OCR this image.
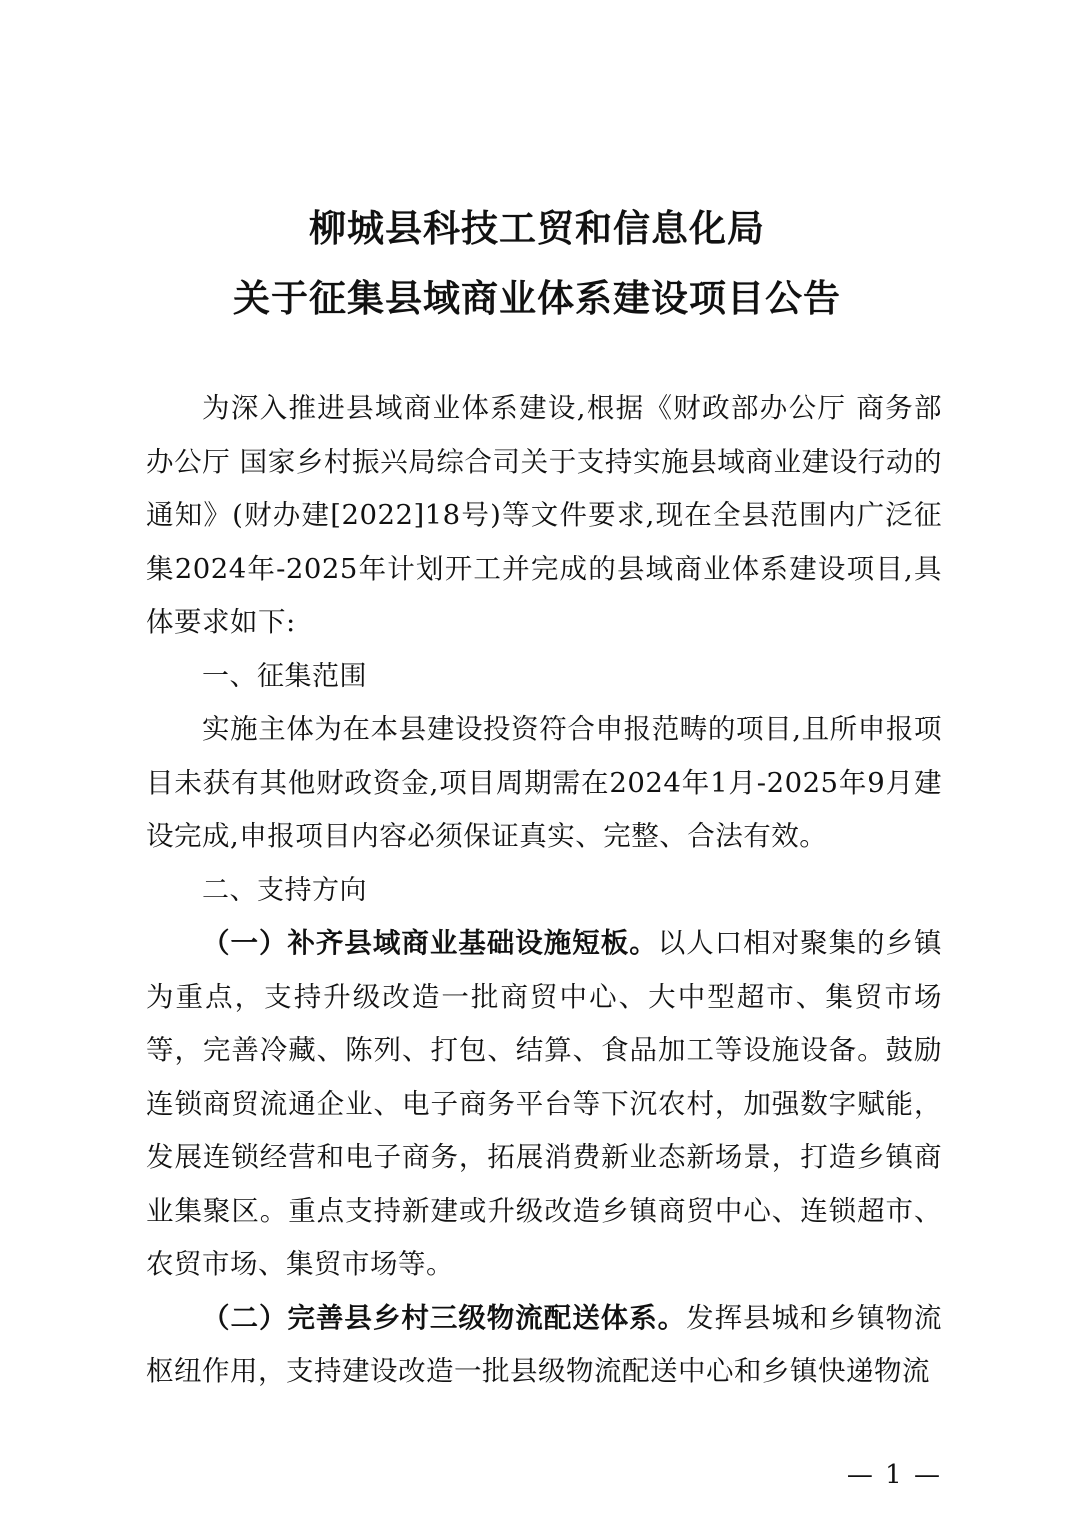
柳城县科技工贸和信息化局
关于征集县域商业体系建设项目公告

为深入推进县域商业体系建设,根据《财政部办公厅 商务部办公厅 国家乡村振兴局综合司关于支持实施县域商业建设行动的通知》(财办建[2022]18号)等文件要求,现在全县范围内广泛征集2024年-2025年计划开工并完成的县域商业体系建设项目,具体要求如下:

一、征集范围

实施主体为在本县建设投资符合申报范畴的项目,且所申报项目未获有其他财政资金,项目周期需在2024年1月-2025年9月建设完成,申报项目内容必须保证真实、完整、合法有效。

二、支持方向

（一）补齐县域商业基础设施短板。以人口相对聚集的乡镇为重点，支持升级改造一批商贸中心、大中型超市、集贸市场等，完善冷藏、陈列、打包、结算、食品加工等设施设备。鼓励连锁商贸流通企业、电子商务平台等下沉农村，加强数字赋能，发展连锁经营和电子商务，拓展消费新业态新场景，打造乡镇商业集聚区。重点支持新建或升级改造乡镇商贸中心、连锁超市、农贸市场、集贸市场等。

（二）完善县乡村三级物流配送体系。发挥县城和乡镇物流枢纽作用，支持建设改造一批县级物流配送中心和乡镇快递物流

— 1 —
